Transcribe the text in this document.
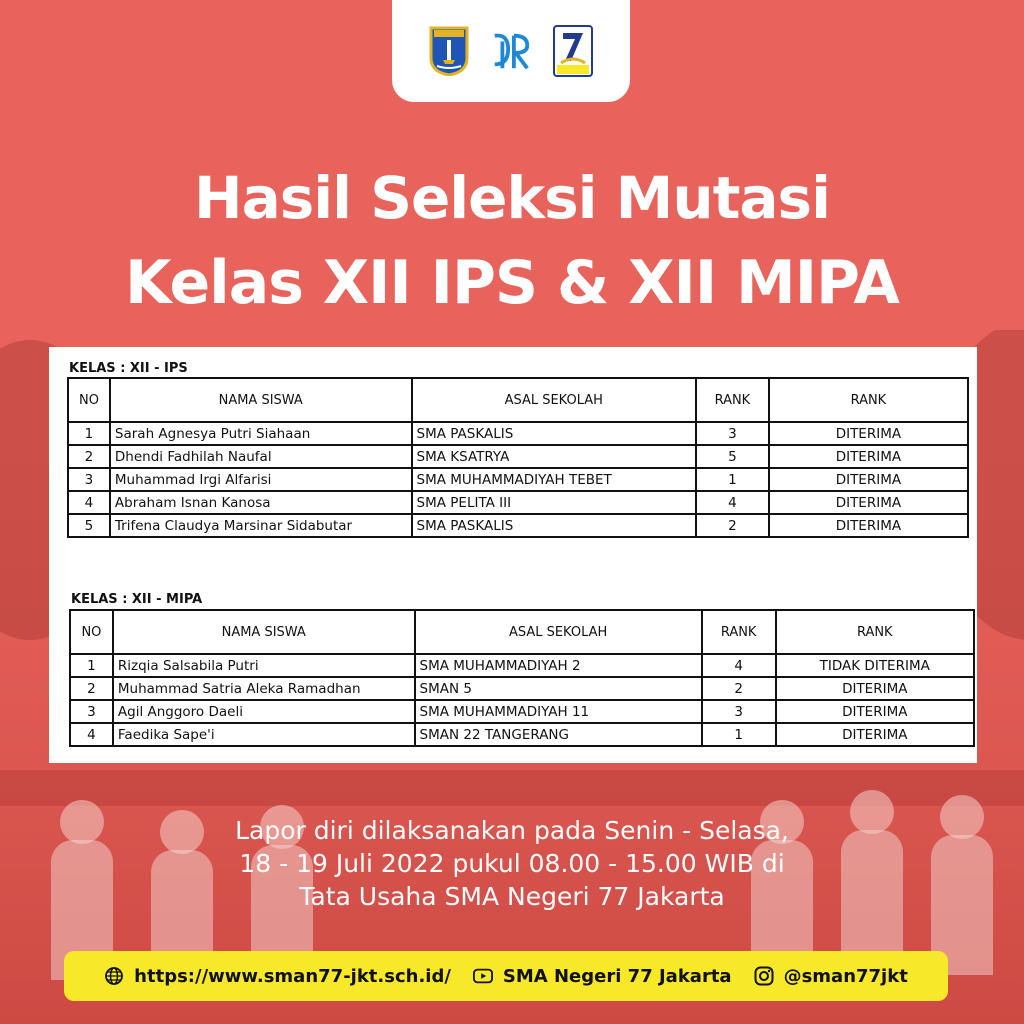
Hasil Seleksi Mutasi
Kelas XII IPS & XII MIPA
KELAS : XII - IPS
NO	NAMA SISWA	ASAL SEKOLAH	RANK	RANK
1	Sarah Agnesya Putri Siahaan	SMA PASKALIS	3	DITERIMA
2	Dhendi Fadhilah Naufal	SMA KSATRYA	5	DITERIMA
3	Muhammad Irgi Alfarisi	SMA MUHAMMADIYAH TEBET	1	DITERIMA
4	Abraham Isnan Kanosa	SMA PELITA III	4	DITERIMA
5	Trifena Claudya Marsinar Sidabutar	SMA PASKALIS	2	DITERIMA
KELAS : XII - MIPA
NO	NAMA SISWA	ASAL SEKOLAH	RANK	RANK
1	Rizqia Salsabila Putri	SMA MUHAMMADIYAH 2	4	TIDAK DITERIMA
2	Muhammad Satria Aleka Ramadhan	SMAN 5	2	DITERIMA
3	Agil Anggoro Daeli	SMA MUHAMMADIYAH 11	3	DITERIMA
4	Faedika Sape'i	SMAN 22 TANGERANG	1	DITERIMA
Lapor diri dilaksanakan pada Senin - Selasa,
18 - 19 Juli 2022 pukul 08.00 - 15.00 WIB di
Tata Usaha SMA Negeri 77 Jakarta
https://www.sman77-jkt.sch.id/	SMA Negeri 77 Jakarta	@sman77jkt
